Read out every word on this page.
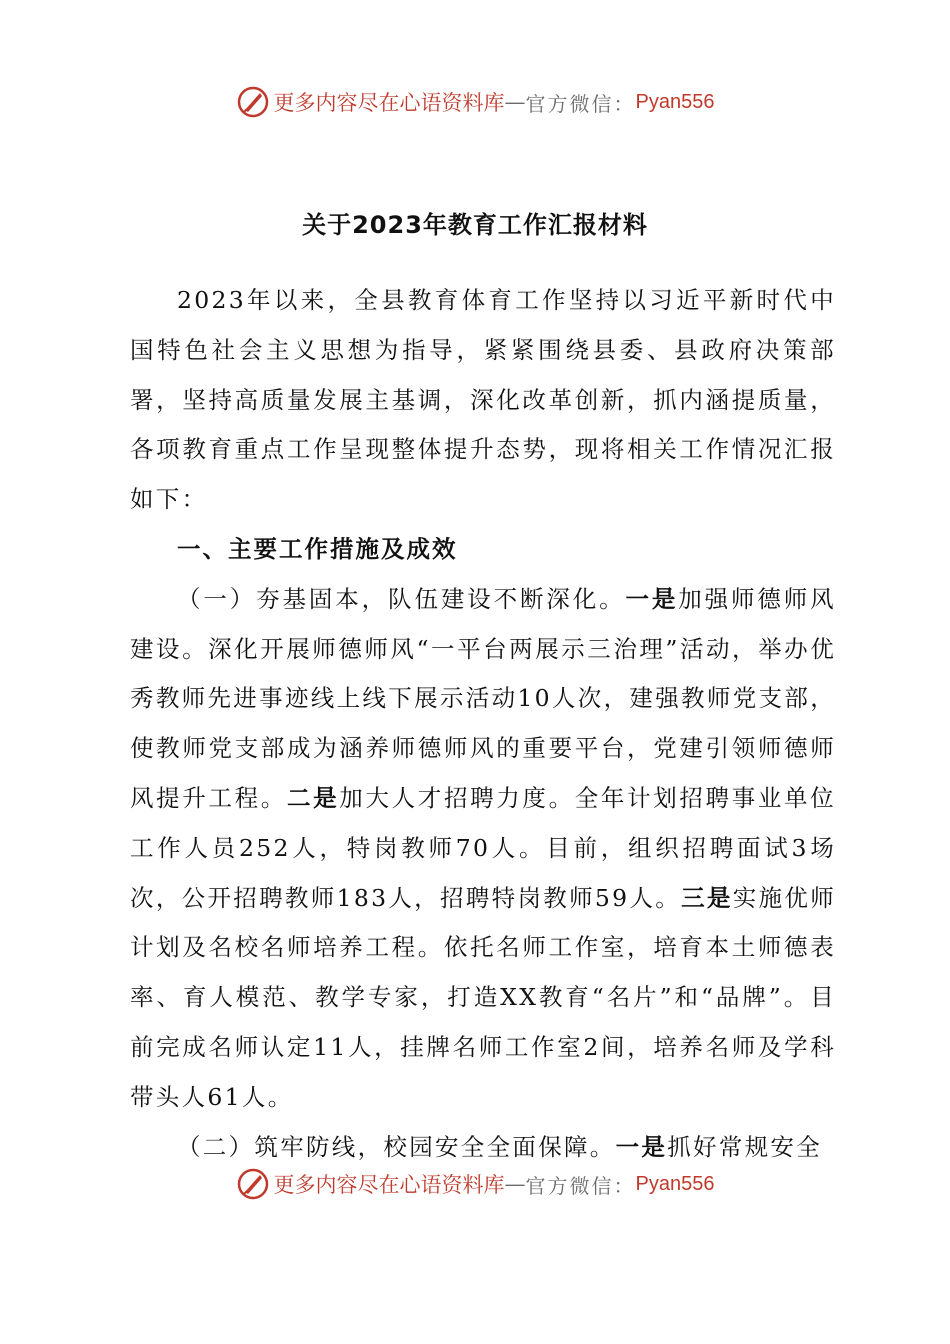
更多内容尽在心语资料库 — 官方微信： Pyan556
关于2023年教育工作汇报材料

2023年以来，全县教育体育工作坚持以习近平新时代中国特色社会主义思想为指导，紧紧围绕县委、县政府决策部署，坚持高质量发展主基调，深化改革创新，抓内涵提质量，各项教育重点工作呈现整体提升态势，现将相关工作情况汇报如下：

一、主要工作措施及成效

（一）夯基固本，队伍建设不断深化。一是加强师德师风建设。深化开展师德师风“一平台两展示三治理”活动，举办优秀教师先进事迹线上线下展示活动10人次，建强教师党支部，使教师党支部成为涵养师德师风的重要平台，党建引领师德师风提升工程。二是加大人才招聘力度。全年计划招聘事业单位工作人员252人，特岗教师70人。目前，组织招聘面试3场次，公开招聘教师183人，招聘特岗教师59人。三是实施优师计划及名校名师培养工程。依托名师工作室，培育本土师德表率、育人模范、教学专家，打造XX教育“名片”和“品牌”。目前完成名师认定11人，挂牌名师工作室2间，培养名师及学科带头人61人。

（二）筑牢防线，校园安全全面保障。一是抓好常规安全

更多内容尽在心语资料库 — 官方微信： Pyan556
